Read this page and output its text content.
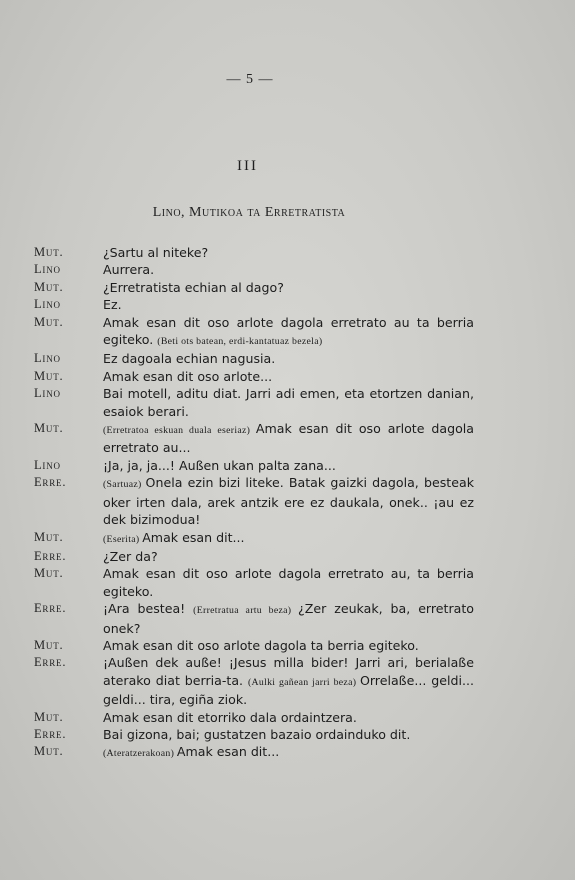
— 5 —
III
Lino, Mutikoa ta Erretratista
Mut.	¿Sartu al niteke?
Lino	Aurrera.
Mut.	¿Erretratista echian al dago?
Lino	Ez.
Mut.	Amak esan dit oso arlote dagola erretrato au ta berria egiteko. (Beti ots batean, erdi-kantatuaz bezela)
Lino	Ez dagoala echian nagusia.
Mut.	Amak esan dit oso arlote...
Lino	Bai motell, aditu diat. Jarri adi emen, eta etortzen danian, esaiok berari.
Mut.	(Erretratoa eskuan duala eseriaz) Amak esan dit oso arlote dagola erretrato au...
Lino	¡Ja, ja, ja...! Außen ukan palta zana...
Erre.	(Sartuaz) Onela ezin bizi liteke. Batak gaizki dagola, besteak oker irten dala, arek antzik ere ez daukala, onek.. ¡au ez dek bizimodua!
Mut.	(Eserita) Amak esan dit...
Erre.	¿Zer da?
Mut.	Amak esan dit oso arlote dagola erretrato au, ta berria egiteko.
Erre.	¡Ara bestea! (Erretratua artu beza) ¿Zer zeukak, ba, erretrato onek?
Mut.	Amak esan dit oso arlote dagola ta berria egiteko.
Erre.	¡Außen dek auße! ¡Jesus milla bider! Jarri ari, berialaße aterako diat berria-ta. (Aulki gañean jarri beza) Orrelaße... geldi... geldi... tira, egiña ziok.
Mut.	Amak esan dit etorriko dala ordaintzera.
Erre.	Bai gizona, bai; gustatzen bazaio ordainduko dit.
Mut.	(Ateratzerakoan) Amak esan dit...
